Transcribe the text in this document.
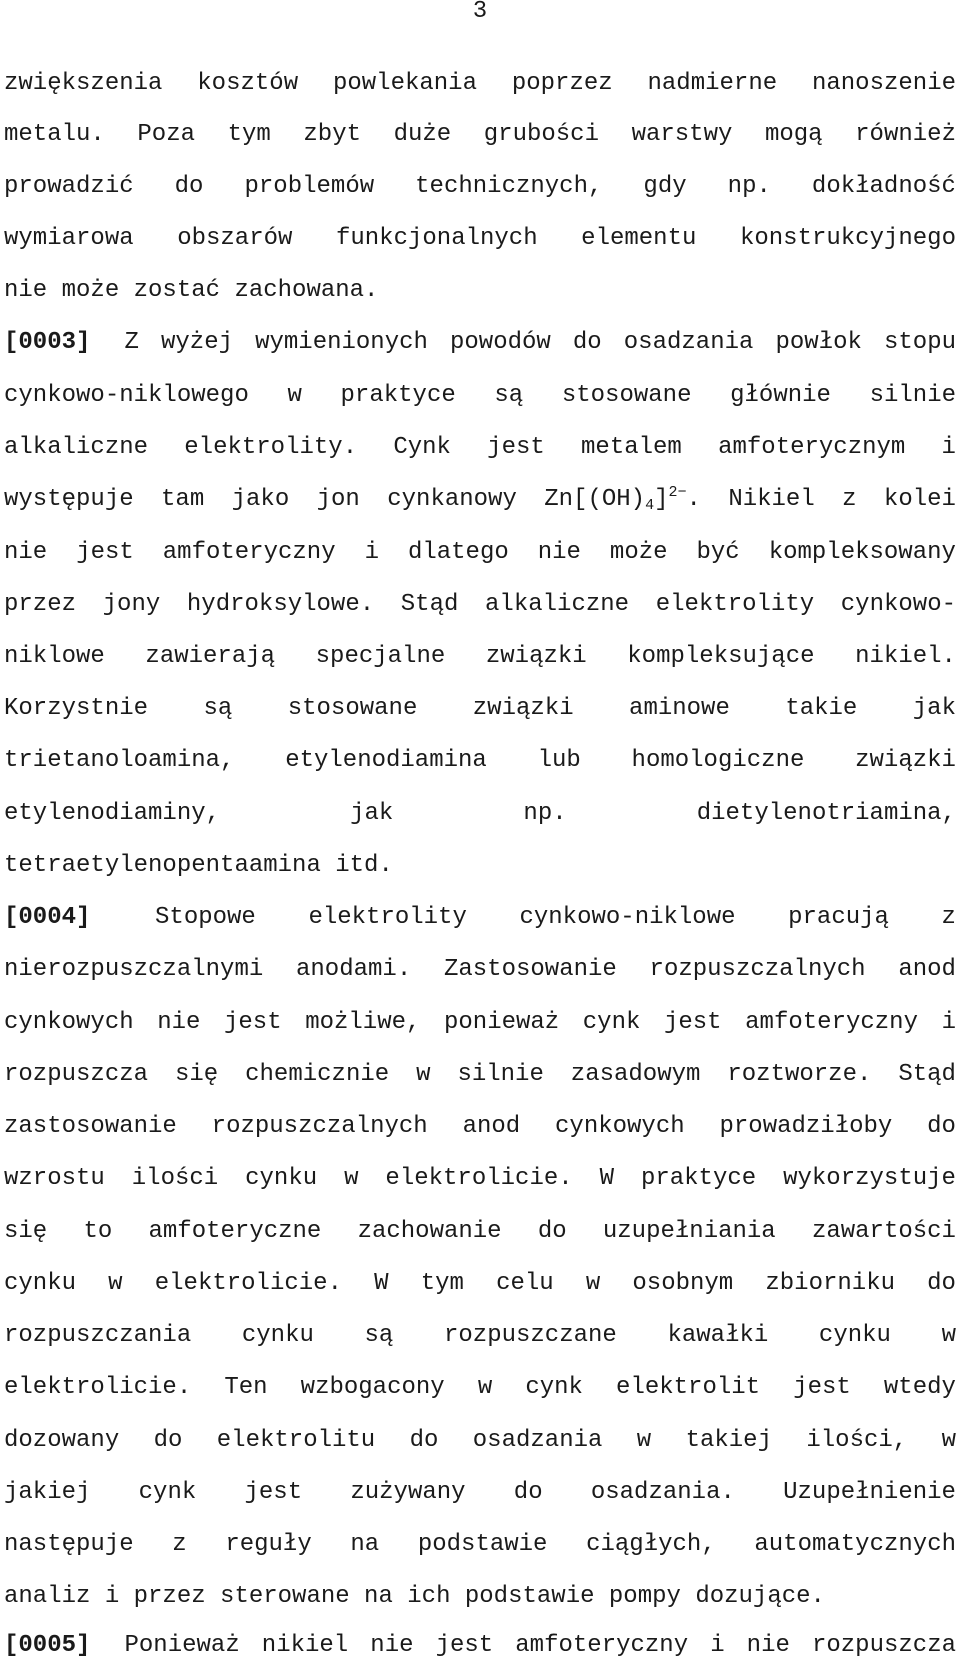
3
zwiększenia kosztów powlekania poprzez nadmierne nanoszenie
metalu. Poza tym zbyt duże grubości warstwy mogą również
prowadzić do problemów technicznych, gdy np. dokładność
wymiarowa obszarów funkcjonalnych elementu konstrukcyjnego
nie może zostać zachowana.
[0003] Z wyżej wymienionych powodów do osadzania powłok stopu
cynkowo-niklowego w praktyce są stosowane głównie silnie
alkaliczne elektrolity. Cynk jest metalem amfoterycznym i
występuje tam jako jon cynkanowy $Zn[(OH)_4]^{2-}$. Nikiel z kolei
nie jest amfoteryczny i dlatego nie może być kompleksowany
przez jony hydroksylowe. Stąd alkaliczne elektrolity cynkowo-
niklowe zawierają specjalne związki kompleksujące nikiel.
Korzystnie są stosowane związki aminowe takie jak
trietanoloamina, etylenodiamina lub homologiczne związki
etylenodiaminy,	jak	np.	dietylenotriamina,
tetraetylenopentaamina itd.
[0004]	Stopowe elektrolity cynkowo-niklowe pracują z
nierozpuszczalnymi anodami. Zastosowanie rozpuszczalnych anod
cynkowych nie jest możliwe, ponieważ cynk jest amfoteryczny i
rozpuszcza się chemicznie w silnie zasadowym roztworze. Stąd
zastosowanie rozpuszczalnych anod cynkowych prowadziłoby do
wzrostu ilości cynku w elektrolicie. W praktyce wykorzystuje
się to amfoteryczne zachowanie do uzupełniania zawartości
cynku w elektrolicie. W tym celu w osobnym zbiorniku do
rozpuszczania cynku są rozpuszczane kawałki cynku w
elektrolicie. Ten wzbogacony w cynk elektrolit jest wtedy
dozowany do elektrolitu do osadzania w takiej ilości, w
jakiej cynk jest zużywany do osadzania. Uzupełnienie
następuje z reguły na podstawie ciągłych, automatycznych
analiz i przez sterowane na ich podstawie pompy dozujące.
[0005] Ponieważ nikiel nie jest amfoteryczny i nie rozpuszcza
